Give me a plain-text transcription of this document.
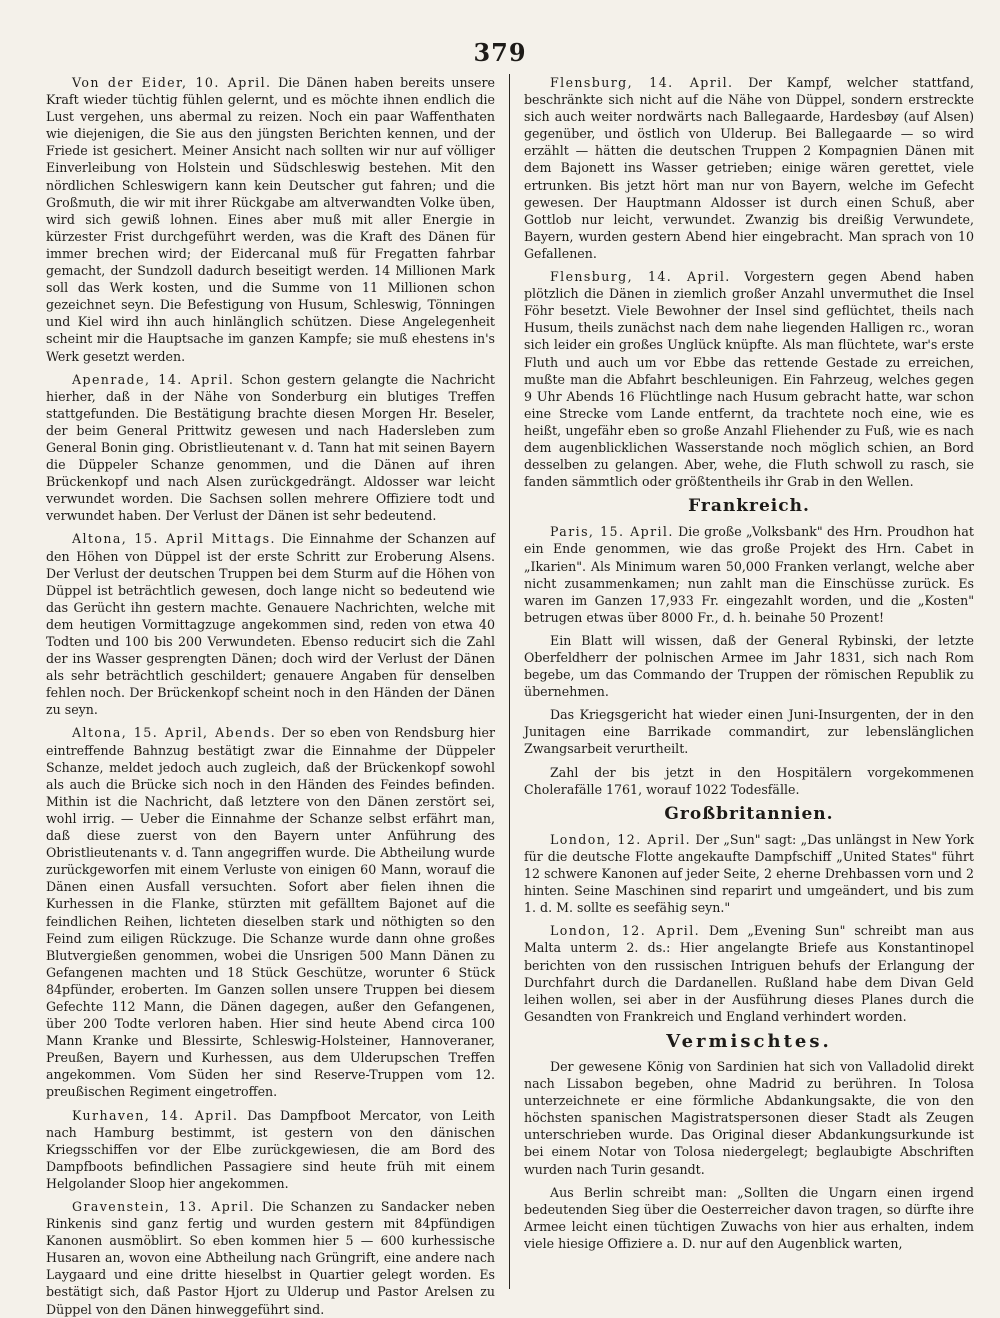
379
Von der Eider, 10. April. Die Dänen haben bereits unsere Kraft wieder tüchtig fühlen gelernt, und es möchte ihnen endlich die Lust vergehen, uns abermal zu reizen. Noch ein paar Waffenthaten wie diejenigen, die Sie aus den jüngsten Berichten kennen, und der Friede ist gesichert. Meiner Ansicht nach sollten wir nur auf völliger Einverleibung von Holstein und Südschleswig bestehen. Mit den nördlichen Schleswigern kann kein Deutscher gut fahren; und die Großmuth, die wir mit ihrer Rückgabe am altverwandten Volke üben, wird sich gewiß lohnen. Eines aber muß mit aller Energie in kürzester Frist durchgeführt werden, was die Kraft des Dänen für immer brechen wird; der Eidercanal muß für Fregatten fahrbar gemacht, der Sundzoll dadurch beseitigt werden. 14 Millionen Mark soll das Werk kosten, und die Summe von 11 Millionen schon gezeichnet seyn. Die Befestigung von Husum, Schleswig, Tönningen und Kiel wird ihn auch hinlänglich schützen. Diese Angelegenheit scheint mir die Hauptsache im ganzen Kampfe; sie muß ehestens in's Werk gesetzt werden.
Apenrade, 14. April. Schon gestern gelangte die Nachricht hierher, daß in der Nähe von Sonderburg ein blutiges Treffen stattgefunden. Die Bestätigung brachte diesen Morgen Hr. Beseler, der beim General Prittwitz gewesen und nach Hadersleben zum General Bonin ging. Obristlieutenant v. d. Tann hat mit seinen Bayern die Düppeler Schanze genommen, und die Dänen auf ihren Brückenkopf und nach Alsen zurückgedrängt. Aldosser war leicht verwundet worden. Die Sachsen sollen mehrere Offiziere todt und verwundet haben. Der Verlust der Dänen ist sehr bedeutend.
Altona, 15. April Mittags. Die Einnahme der Schanzen auf den Höhen von Düppel ist der erste Schritt zur Eroberung Alsens. Der Verlust der deutschen Truppen bei dem Sturm auf die Höhen von Düppel ist beträchtlich gewesen, doch lange nicht so bedeutend wie das Gerücht ihn gestern machte. Genauere Nachrichten, welche mit dem heutigen Vormittagzuge angekommen sind, reden von etwa 40 Todten und 100 bis 200 Verwundeten. Ebenso reducirt sich die Zahl der ins Wasser gesprengten Dänen; doch wird der Verlust der Dänen als sehr beträchtlich geschildert; genauere Angaben für denselben fehlen noch. Der Brückenkopf scheint noch in den Händen der Dänen zu seyn.
Altona, 15. April, Abends. Der so eben von Rendsburg hier eintreffende Bahnzug bestätigt zwar die Einnahme der Düppeler Schanze, meldet jedoch auch zugleich, daß der Brückenkopf sowohl als auch die Brücke sich noch in den Händen des Feindes befinden. Mithin ist die Nachricht, daß letztere von den Dänen zerstört sei, wohl irrig. — Ueber die Einnahme der Schanze selbst erfährt man, daß diese zuerst von den Bayern unter Anführung des Obristlieutenants v. d. Tann angegriffen wurde. Die Abtheilung wurde zurückgeworfen mit einem Verluste von einigen 60 Mann, worauf die Dänen einen Ausfall versuchten. Sofort aber fielen ihnen die Kurhessen in die Flanke, stürzten mit gefälltem Bajonet auf die feindlichen Reihen, lichteten dieselben stark und nöthigten so den Feind zum eiligen Rückzuge. Die Schanze wurde dann ohne großes Blutvergießen genommen, wobei die Unsrigen 500 Mann Dänen zu Gefangenen machten und 18 Stück Geschütze, worunter 6 Stück 84pfünder, eroberten. Im Ganzen sollen unsere Truppen bei diesem Gefechte 112 Mann, die Dänen dagegen, außer den Gefangenen, über 200 Todte verloren haben. Hier sind heute Abend circa 100 Mann Kranke und Blessirte, Schleswig-Holsteiner, Hannoveraner, Preußen, Bayern und Kurhessen, aus dem Ulderupschen Treffen angekommen. Vom Süden her sind Reserve-Truppen vom 12. preußischen Regiment eingetroffen.
Kurhaven, 14. April. Das Dampfboot Mercator, von Leith nach Hamburg bestimmt, ist gestern von den dänischen Kriegsschiffen vor der Elbe zurückgewiesen, die am Bord des Dampfboots befindlichen Passagiere sind heute früh mit einem Helgolander Sloop hier angekommen.
Gravenstein, 13. April. Die Schanzen zu Sandacker neben Rinkenis sind ganz fertig und wurden gestern mit 84pfündigen Kanonen ausmöblirt. So eben kommen hier 5 — 600 kurhessische Husaren an, wovon eine Abtheilung nach Grüngrift, eine andere nach Laygaard und eine dritte hieselbst in Quartier gelegt worden. Es bestätigt sich, daß Pastor Hjort zu Ulderup und Pastor Arelsen zu Düppel von den Dänen hinweggeführt sind.
Flensburg, 14. April. Der Kampf, welcher stattfand, beschränkte sich nicht auf die Nähe von Düppel, sondern erstreckte sich auch weiter nordwärts nach Ballegaarde, Hardesbøy (auf Alsen) gegenüber, und östlich von Ulderup. Bei Ballegaarde — so wird erzählt — hätten die deutschen Truppen 2 Kompagnien Dänen mit dem Bajonett ins Wasser getrieben; einige wären gerettet, viele ertrunken. Bis jetzt hört man nur von Bayern, welche im Gefecht gewesen. Der Hauptmann Aldosser ist durch einen Schuß, aber Gottlob nur leicht, verwundet. Zwanzig bis dreißig Verwundete, Bayern, wurden gestern Abend hier eingebracht. Man sprach von 10 Gefallenen.
Flensburg, 14. April. Vorgestern gegen Abend haben plötzlich die Dänen in ziemlich großer Anzahl unvermuthet die Insel Föhr besetzt. Viele Bewohner der Insel sind geflüchtet, theils nach Husum, theils zunächst nach dem nahe liegenden Halligen rc., woran sich leider ein großes Unglück knüpfte. Als man flüchtete, war's erste Fluth und auch um vor Ebbe das rettende Gestade zu erreichen, mußte man die Abfahrt beschleunigen. Ein Fahrzeug, welches gegen 9 Uhr Abends 16 Flüchtlinge nach Husum gebracht hatte, war schon eine Strecke vom Lande entfernt, da trachtete noch eine, wie es heißt, ungefähr eben so große Anzahl Fliehender zu Fuß, wie es nach dem augenblicklichen Wasserstande noch möglich schien, an Bord desselben zu gelangen. Aber, wehe, die Fluth schwoll zu rasch, sie fanden sämmtlich oder größtentheils ihr Grab in den Wellen.
Frankreich.
Paris, 15. April. Die große „Volksbank" des Hrn. Proudhon hat ein Ende genommen, wie das große Projekt des Hrn. Cabet in „Ikarien". Als Minimum waren 50,000 Franken verlangt, welche aber nicht zusammenkamen; nun zahlt man die Einschüsse zurück. Es waren im Ganzen 17,933 Fr. eingezahlt worden, und die „Kosten" betrugen etwas über 8000 Fr., d. h. beinahe 50 Prozent!
Ein Blatt will wissen, daß der General Rybinski, der letzte Oberfeldherr der polnischen Armee im Jahr 1831, sich nach Rom begebe, um das Commando der Truppen der römischen Republik zu übernehmen.
Das Kriegsgericht hat wieder einen Juni-Insurgenten, der in den Junitagen eine Barrikade commandirt, zur lebenslänglichen Zwangsarbeit verurtheilt.
Zahl der bis jetzt in den Hospitälern vorgekommenen Cholerafälle 1761, worauf 1022 Todesfälle.
Großbritannien.
London, 12. April. Der „Sun" sagt: „Das unlängst in New York für die deutsche Flotte angekaufte Dampfschiff „United States" führt 12 schwere Kanonen auf jeder Seite, 2 eherne Drehbassen vorn und 2 hinten. Seine Maschinen sind reparirt und umgeändert, und bis zum 1. d. M. sollte es seefähig seyn."
London, 12. April. Dem „Evening Sun" schreibt man aus Malta unterm 2. ds.: Hier angelangte Briefe aus Konstantinopel berichten von den russischen Intriguen behufs der Erlangung der Durchfahrt durch die Dardanellen. Rußland habe dem Divan Geld leihen wollen, sei aber in der Ausführung dieses Planes durch die Gesandten von Frankreich und England verhindert worden.
Vermischtes.
Der gewesene König von Sardinien hat sich von Valladolid direkt nach Lissabon begeben, ohne Madrid zu berühren. In Tolosa unterzeichnete er eine förmliche Abdankungsakte, die von den höchsten spanischen Magistratspersonen dieser Stadt als Zeugen unterschrieben wurde. Das Original dieser Abdankungsurkunde ist bei einem Notar von Tolosa niedergelegt; beglaubigte Abschriften wurden nach Turin gesandt.
Aus Berlin schreibt man: „Sollten die Ungarn einen irgend bedeutenden Sieg über die Oesterreicher davon tragen, so dürfte ihre Armee leicht einen tüchtigen Zuwachs von hier aus erhalten, indem viele hiesige Offiziere a. D. nur auf den Augenblick warten,
